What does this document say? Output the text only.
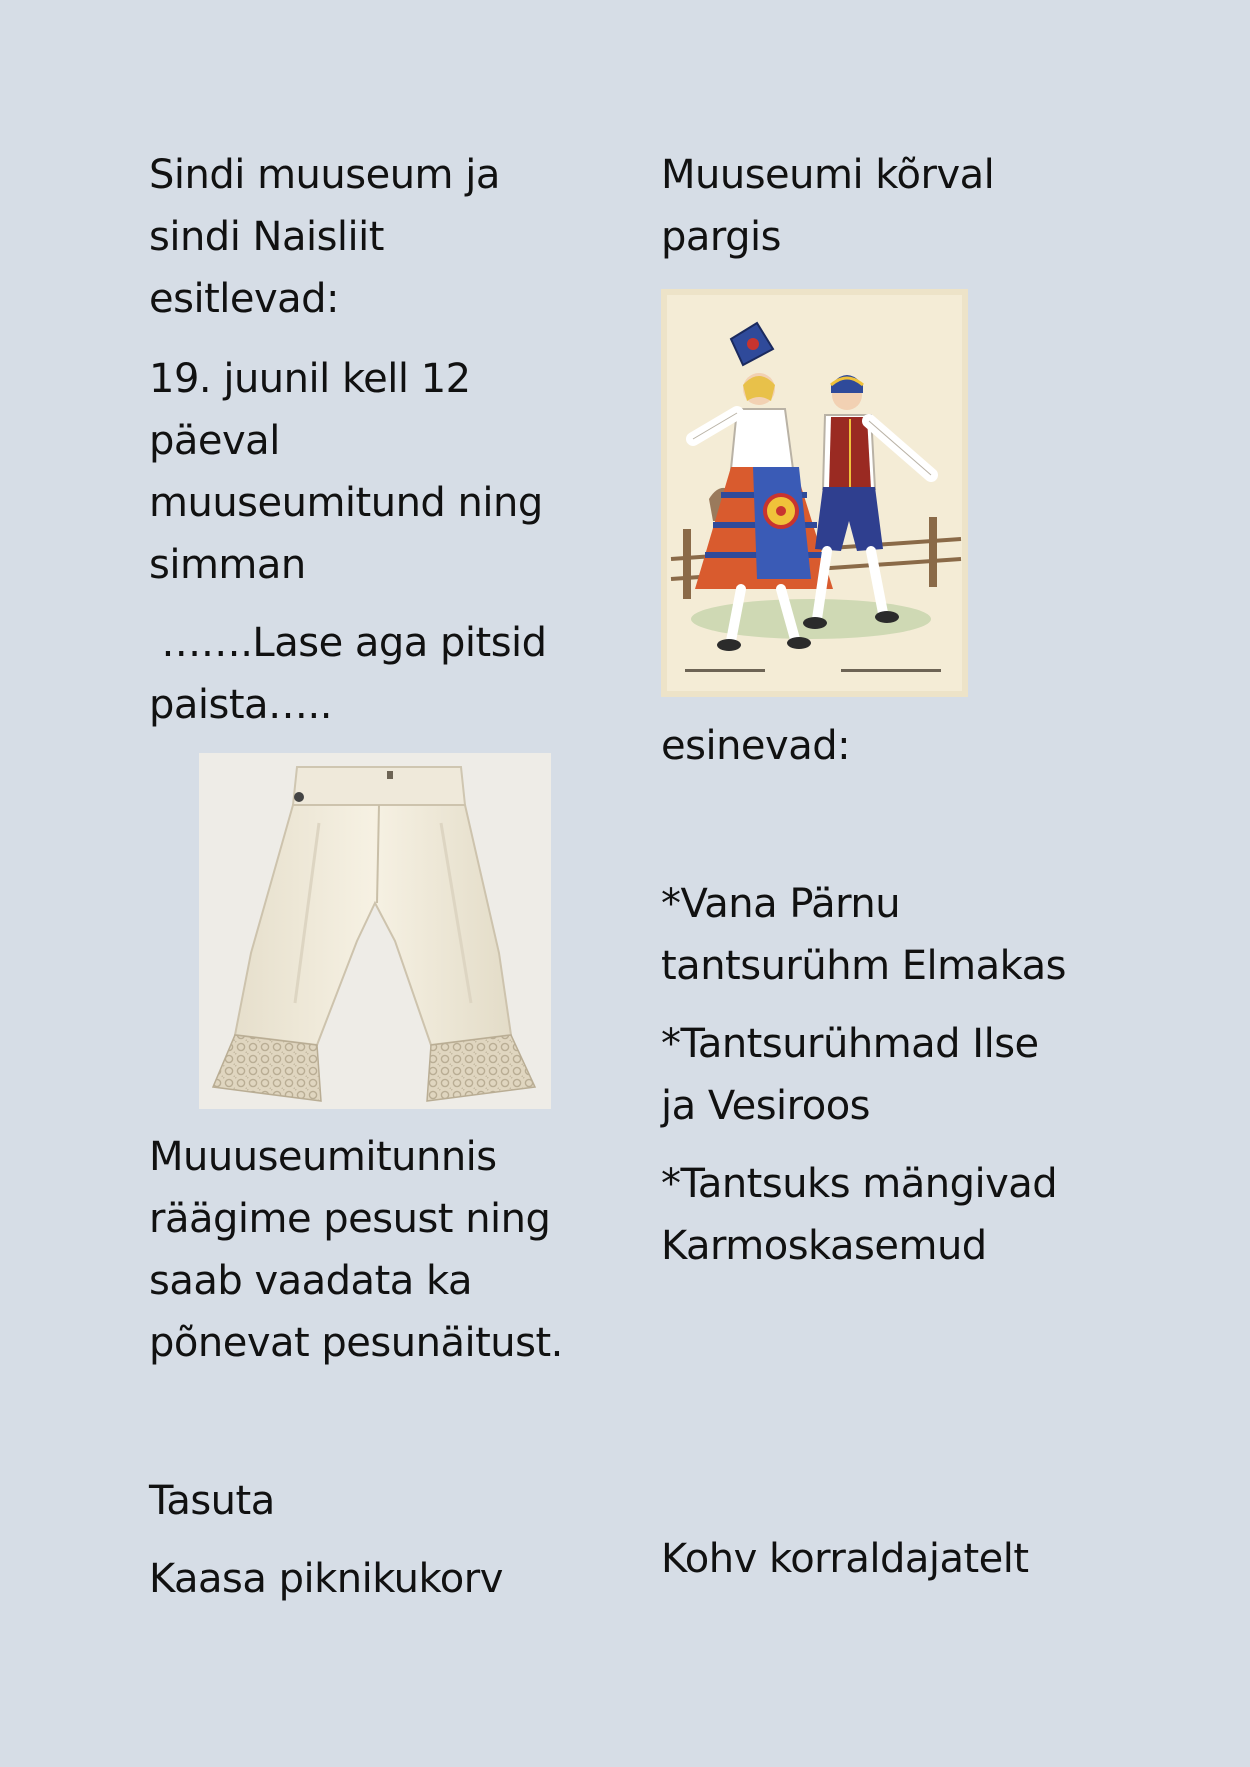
Sindi muuseum ja

sindi Naisliit

esitlevad:

19. juunil kell 12

päeval

muuseumitund ning

simman

…….Lase aga pitsid

paista…..

Muuuseumitunnis

räägime pesust ning

saab vaadata ka

põnevat pesunäitust.

Tasuta

Kaasa piknikukorv

Muuseumi kõrval

pargis

esinevad:

*Vana Pärnu

tantsurühm Elmakas

*Tantsurühmad Ilse

ja Vesiroos

*Tantsuks mängivad

Karmoskasemud

Kohv korraldajatelt
